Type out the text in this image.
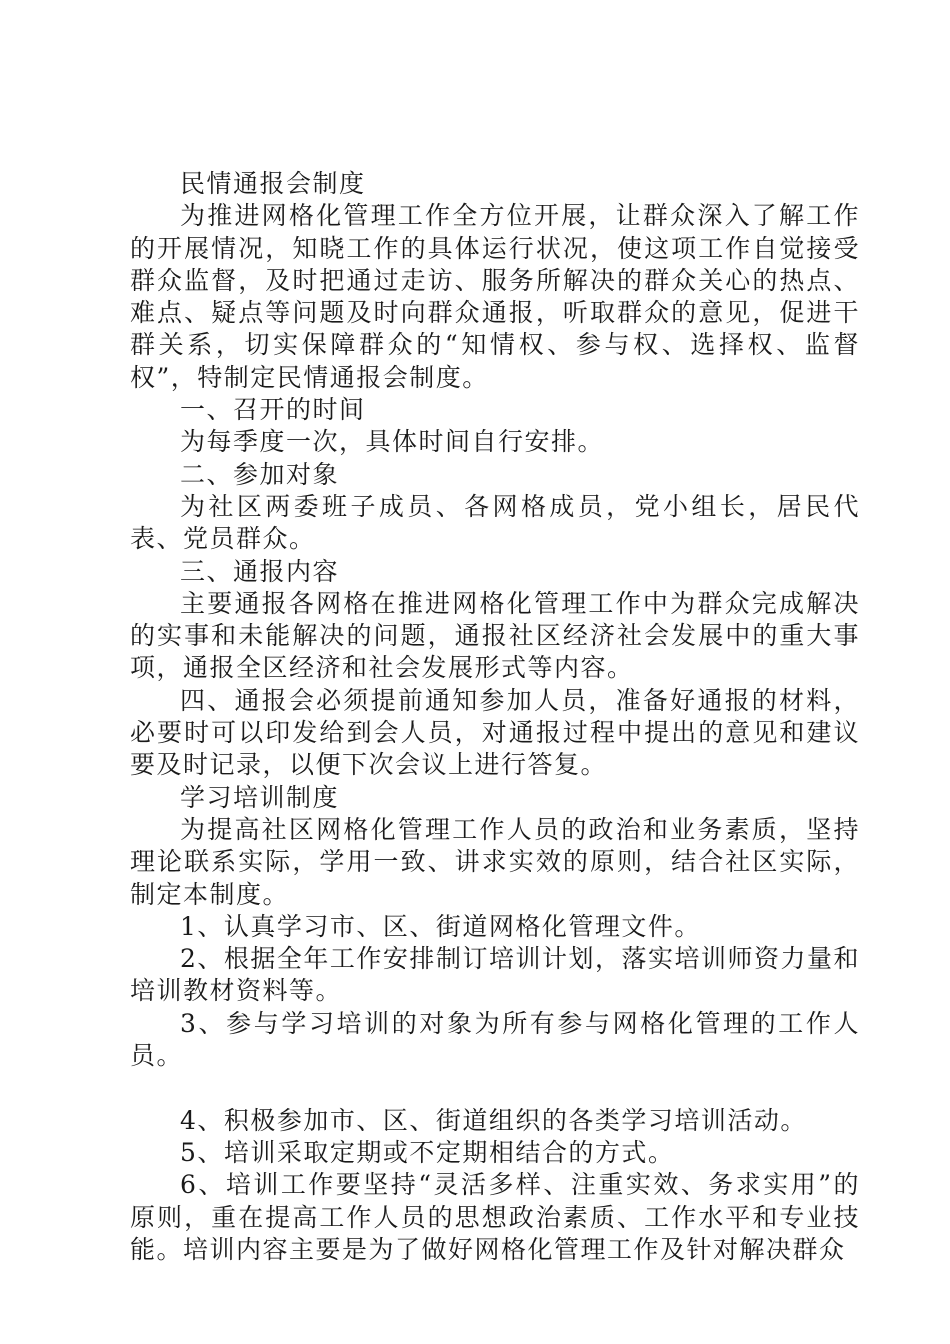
民情通报会制度

为推进网格化管理工作全方位开展，让群众深入了解工作的开展情况，知晓工作的具体运行状况，使这项工作自觉接受群众监督，及时把通过走访、服务所解决的群众关心的热点、难点、疑点等问题及时向群众通报，听取群众的意见，促进干群关系，切实保障群众的“知情权、参与权、选择权、监督权”，特制定民情通报会制度。

一、召开的时间

为每季度一次，具体时间自行安排。

二、参加对象

为社区两委班子成员、各网格成员，党小组长，居民代表、党员群众。

三、通报内容

主要通报各网格在推进网格化管理工作中为群众完成解决的实事和未能解决的问题，通报社区经济社会发展中的重大事项，通报全区经济和社会发展形式等内容。

四、通报会必须提前通知参加人员，准备好通报的材料，必要时可以印发给到会人员，对通报过程中提出的意见和建议要及时记录，以便下次会议上进行答复。

学习培训制度

为提高社区网格化管理工作人员的政治和业务素质，坚持理论联系实际，学用一致、讲求实效的原则，结合社区实际，制定本制度。

1、认真学习市、区、街道网格化管理文件。

2、根据全年工作安排制订培训计划，落实培训师资力量和培训教材资料等。

3、参与学习培训的对象为所有参与网格化管理的工作人员。

4、积极参加市、区、街道组织的各类学习培训活动。

5、培训采取定期或不定期相结合的方式。

6、培训工作要坚持“灵活多样、注重实效、务求实用”的原则，重在提高工作人员的思想政治素质、工作水平和专业技能。培训内容主要是为了做好网格化管理工作及针对解决群众
